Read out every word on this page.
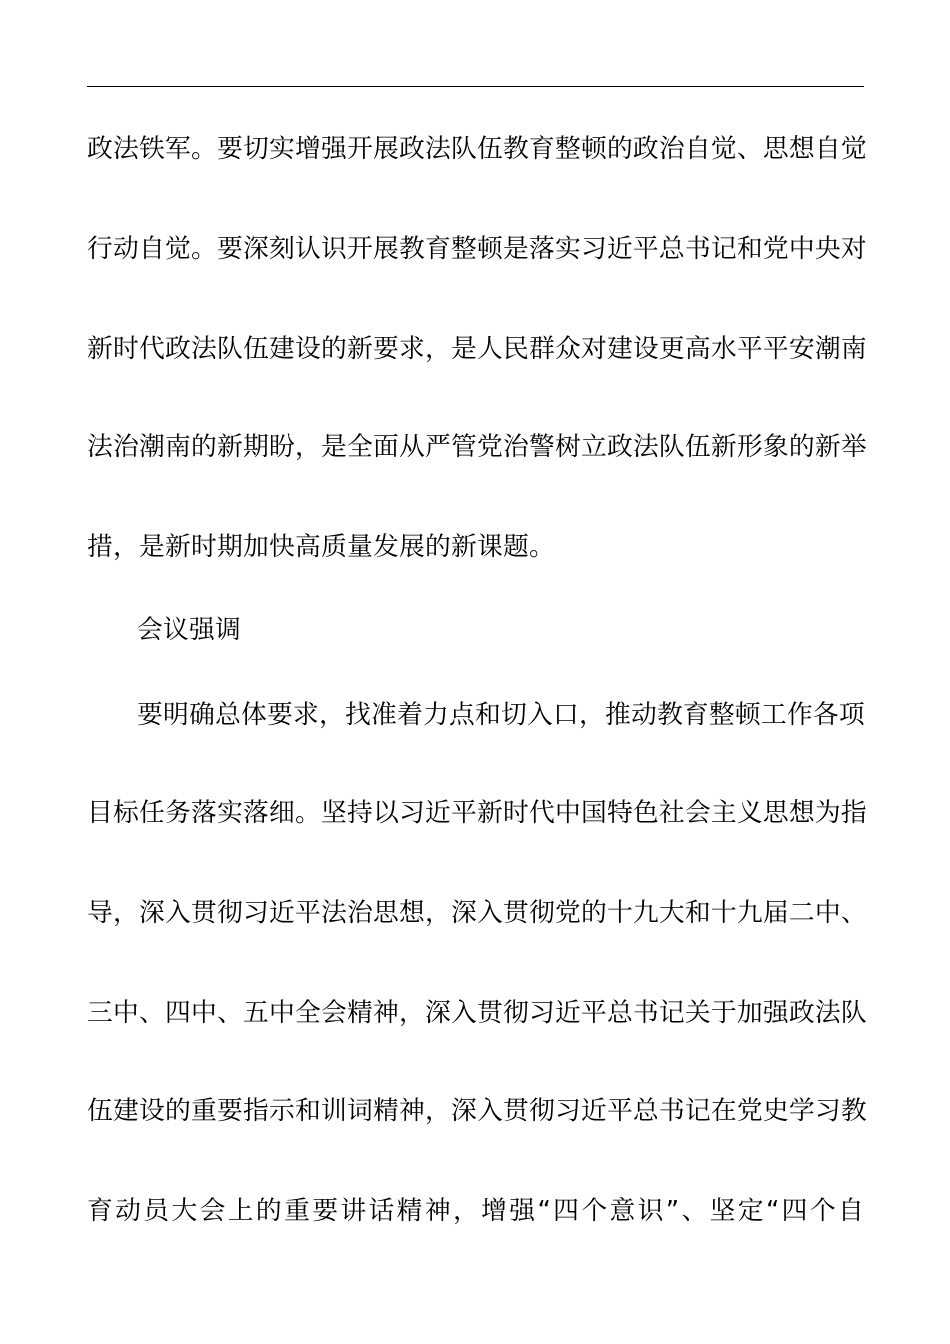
政法铁军。要切实增强开展政法队伍教育整顿的政治自觉、思想自觉
行动自觉。要深刻认识开展教育整顿是落实习近平总书记和党中央对
新时代政法队伍建设的新要求，是人民群众对建设更高水平平安潮南
法治潮南的新期盼，是全面从严管党治警树立政法队伍新形象的新举
措，是新时期加快高质量发展的新课题。
会议强调
要明确总体要求，找准着力点和切入口，推动教育整顿工作各项
目标任务落实落细。坚持以习近平新时代中国特色社会主义思想为指
导，深入贯彻习近平法治思想，深入贯彻党的十九大和十九届二中、
三中、四中、五中全会精神，深入贯彻习近平总书记关于加强政法队
伍建设的重要指示和训词精神，深入贯彻习近平总书记在党史学习教
育动员大会上的重要讲话精神，增强“四个意识”、坚定“四个自
